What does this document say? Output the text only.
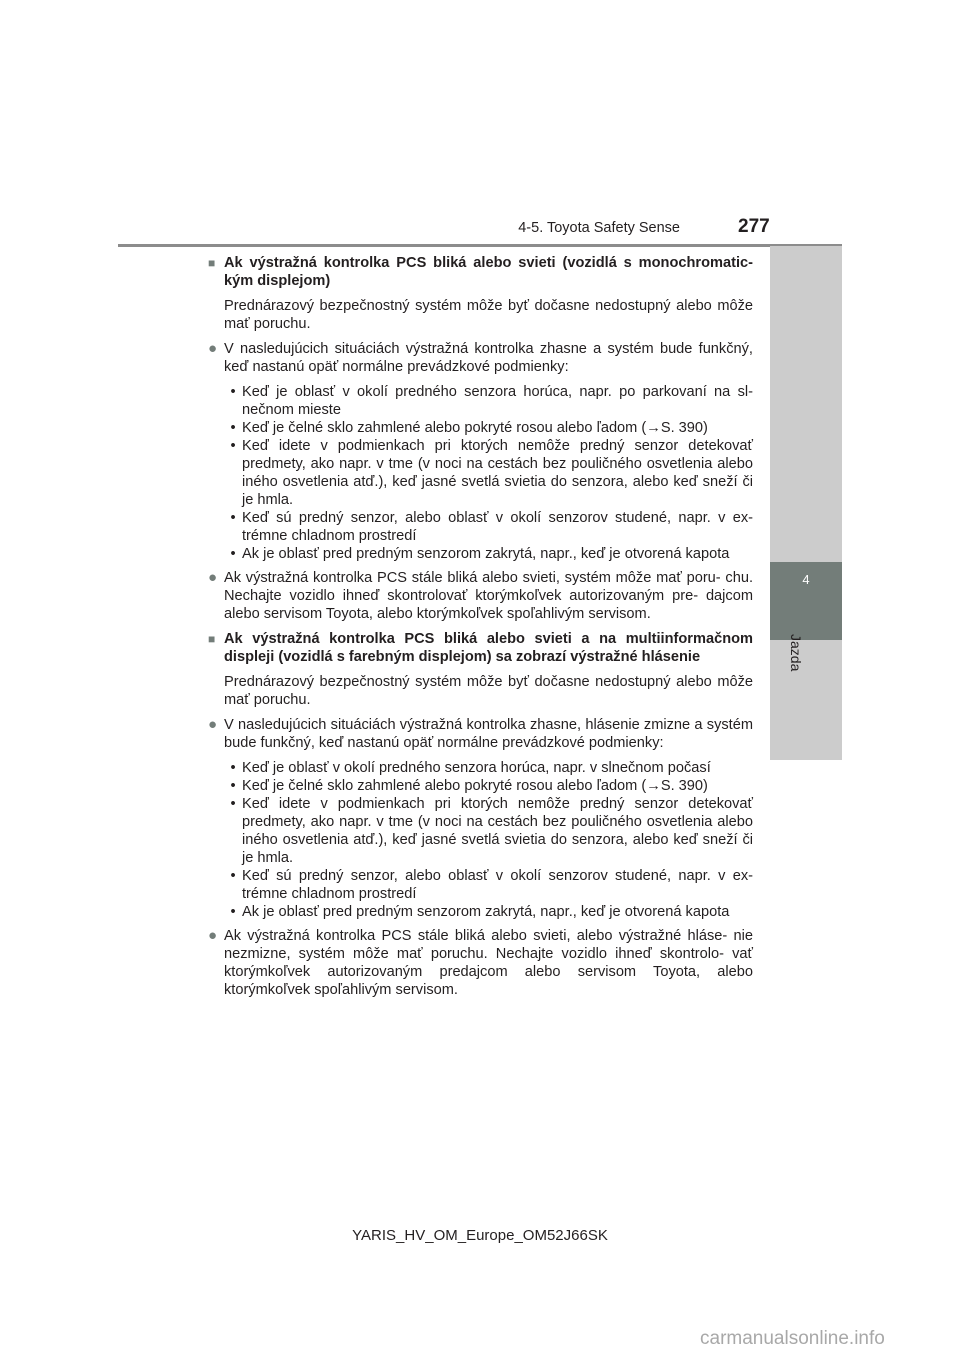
4-5. Toyota Safety Sense	277
4
Jazda
■ Ak výstražná kontrolka PCS bliká alebo svieti (vozidlá s monochromatic- kým displejom)
Prednárazový bezpečnostný systém môže byť dočasne nedostupný alebo môže mať poruchu.
● V nasledujúcich situáciách výstražná kontrolka zhasne a systém bude funkčný, keď nastanú opäť normálne prevádzkové podmienky:
• Keď je oblasť v okolí predného senzora horúca, napr. po parkovaní na sl- nečnom mieste
• Keď je čelné sklo zahmlené alebo pokryté rosou alebo ľadom (→S. 390)
• Keď idete v podmienkach pri ktorých nemôže predný senzor detekovať predmety, ako napr. v tme (v noci na cestách bez pouličného osvetlenia alebo iného osvetlenia atď.), keď jasné svetlá svietia do senzora, alebo keď sneží či je hmla.
• Keď sú predný senzor, alebo oblasť v okolí senzorov studené, napr. v ex- trémne chladnom prostredí
• Ak je oblasť pred predným senzorom zakrytá, napr., keď je otvorená kapota
● Ak výstražná kontrolka PCS stále bliká alebo svieti, systém môže mať poru- chu. Nechajte vozidlo ihneď skontrolovať ktorýmkoľvek autorizovaným pre- dajcom alebo servisom Toyota, alebo ktorýmkoľvek spoľahlivým servisom.
■ Ak výstražná kontrolka PCS bliká alebo svieti a na multiinformačnom displeji (vozidlá s farebným displejom) sa zobrazí výstražné hlásenie
Prednárazový bezpečnostný systém môže byť dočasne nedostupný alebo môže mať poruchu.
● V nasledujúcich situáciách výstražná kontrolka zhasne, hlásenie zmizne a systém bude funkčný, keď nastanú opäť normálne prevádzkové podmienky:
• Keď je oblasť v okolí predného senzora horúca, napr. v slnečnom počasí
• Keď je čelné sklo zahmlené alebo pokryté rosou alebo ľadom (→S. 390)
• Keď idete v podmienkach pri ktorých nemôže predný senzor detekovať predmety, ako napr. v tme (v noci na cestách bez pouličného osvetlenia alebo iného osvetlenia atď.), keď jasné svetlá svietia do senzora, alebo keď sneží či je hmla.
• Keď sú predný senzor, alebo oblasť v okolí senzorov studené, napr. v ex- trémne chladnom prostredí
• Ak je oblasť pred predným senzorom zakrytá, napr., keď je otvorená kapota
● Ak výstražná kontrolka PCS stále bliká alebo svieti, alebo výstražné hláse- nie nezmizne, systém môže mať poruchu. Nechajte vozidlo ihneď skontrolo- vať ktorýmkoľvek autorizovaným predajcom alebo servisom Toyota, alebo ktorýmkoľvek spoľahlivým servisom.
YARIS_HV_OM_Europe_OM52J66SK
carmanualsonline.info
